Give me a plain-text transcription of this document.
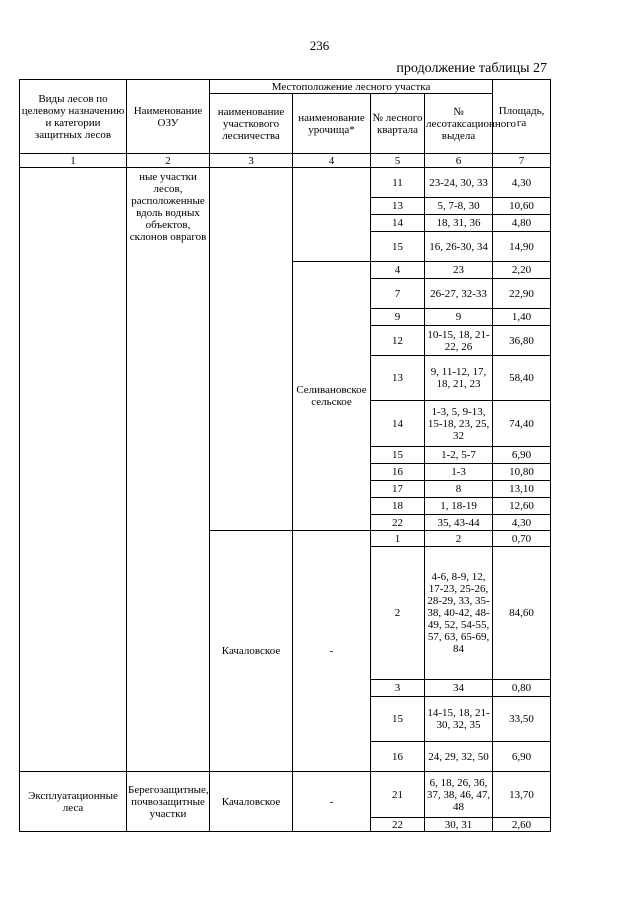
236
продолжение таблицы 27
Виды лесов по целевому назначению и категории защитных лесов	Наименование ОЗУ	Местоположение лесного участка				Площадь, га
		наименование участкового лесничества	наименование урочища*	№ лесного квартала	№ лесотаксационного выдела	
1	2	3	4	5	6	7
	ные участки лесов, расположенные вдоль водных объектов, склонов оврагов			11	23-24, 30, 33	4,30
				13	5, 7-8, 30	10,60
				14	18, 31, 36	4,80
				15	16, 26-30, 34	14,90
			Селивановское сельское	4	23	2,20
				7	26-27, 32-33	22,90
				9	9	1,40
				12	10-15, 18, 21-22, 26	36,80
				13	9, 11-12, 17, 18, 21, 23	58,40
				14	1-3, 5, 9-13, 15-18, 23, 25, 32	74,40
				15	1-2, 5-7	6,90
				16	1-3	10,80
				17	8	13,10
				18	1, 18-19	12,60
				22	35, 43-44	4,30
		Качаловское	-	1	2	0,70
				2	4-6, 8-9, 12, 17-23, 25-26, 28-29, 33, 35-38, 40-42, 48-49, 52, 54-55, 57, 63, 65-69, 84	84,60
				3	34	0,80
				15	14-15, 18, 21-30, 32, 35	33,50
				16	24, 29, 32, 50	6,90
Эксплуатационные леса	Берегозащитные, почвозащитные участки	Качаловское	-	21	6, 18, 26, 36, 37, 38, 46, 47, 48	13,70
				22	30, 31	2,60
